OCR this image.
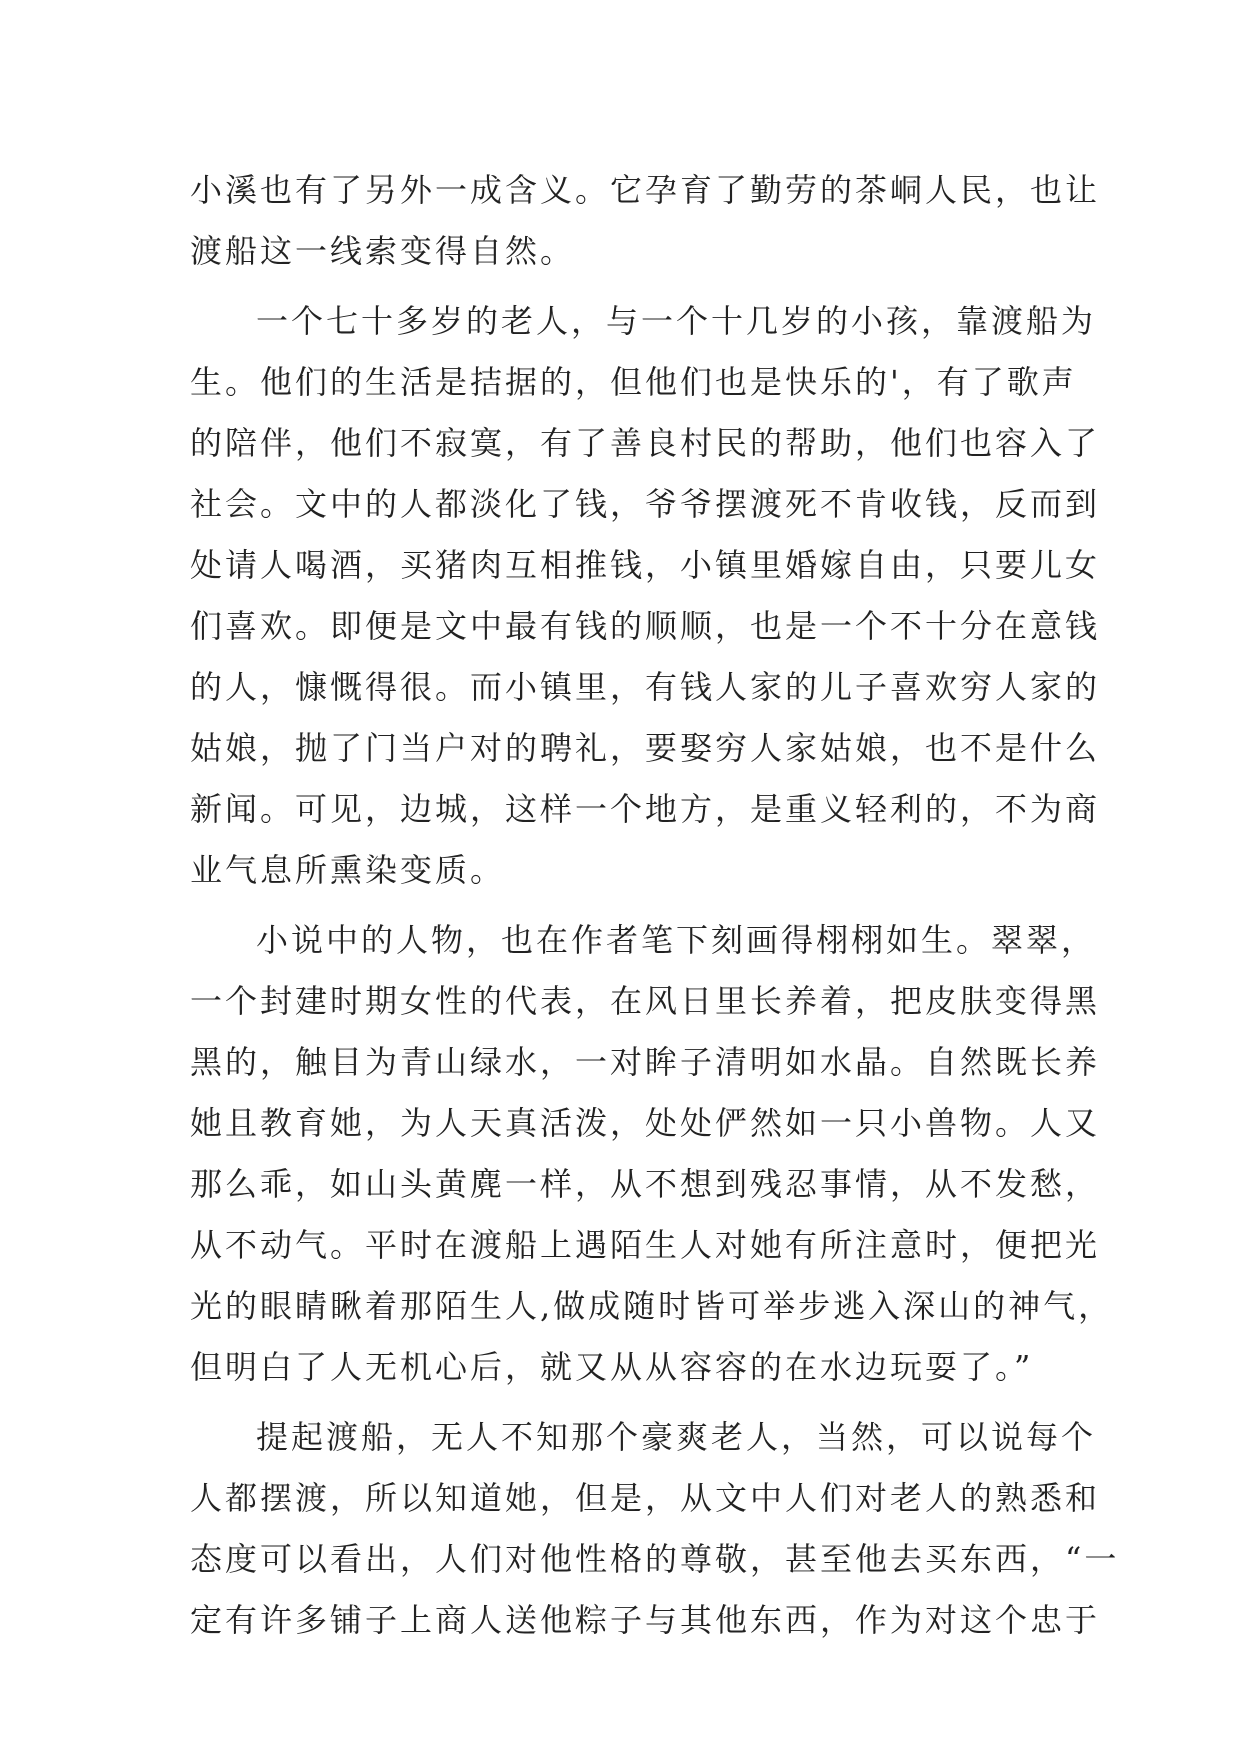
小溪也有了另外一成含义。它孕育了勤劳的茶峒人民，也让
渡船这一线索变得自然。
一个七十多岁的老人，与一个十几岁的小孩，靠渡船为
生。他们的生活是拮据的，但他们也是快乐的'，有了歌声
的陪伴，他们不寂寞，有了善良村民的帮助，他们也容入了
社会。文中的人都淡化了钱，爷爷摆渡死不肯收钱，反而到
处请人喝酒，买猪肉互相推钱，小镇里婚嫁自由，只要儿女
们喜欢。即便是文中最有钱的顺顺，也是一个不十分在意钱
的人，慷慨得很。而小镇里，有钱人家的儿子喜欢穷人家的
姑娘，抛了门当户对的聘礼，要娶穷人家姑娘，也不是什么
新闻。可见，边城，这样一个地方，是重义轻利的，不为商
业气息所熏染变质。
小说中的人物，也在作者笔下刻画得栩栩如生。翠翠，
一个封建时期女性的代表，在风日里长养着，把皮肤变得黑
黑的，触目为青山绿水，一对眸子清明如水晶。自然既长养
她且教育她，为人天真活泼，处处俨然如一只小兽物。人又
那么乖，如山头黄麂一样，从不想到残忍事情，从不发愁，
从不动气。平时在渡船上遇陌生人对她有所注意时，便把光
光的眼睛瞅着那陌生人,做成随时皆可举步逃入深山的神气，
但明白了人无机心后，就又从从容容的在水边玩耍了。”
提起渡船，无人不知那个豪爽老人，当然，可以说每个
人都摆渡，所以知道她，但是，从文中人们对老人的熟悉和
态度可以看出，人们对他性格的尊敬，甚至他去买东西，“一
定有许多铺子上商人送他粽子与其他东西，作为对这个忠于
